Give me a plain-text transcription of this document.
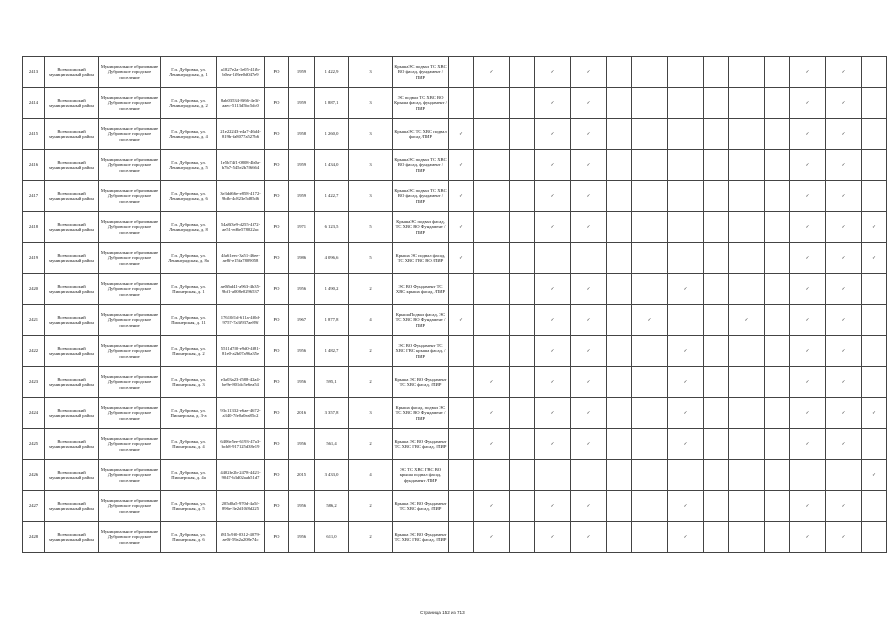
2413	Всеволожский муниципальный район	Муниципальное образование Дубровское городское поселение	Г.п. Дубровка, ул. Ленинградская, д. 1	a1827e2a-1e05-41fb-b0ea-1f8ee0d047e9	РО	1959	1 422,9	3	КрышаЭС подвал ТС ХВС ВО фасад, фундамент /ПИР		✓		✓	✓							✓	✓	
2414	Всеволожский муниципальный район	Муниципальное образование Дубровское городское поселение	Г.п. Дубровка, ул. Ленинградская, д. 2	8ab03534-8f66-4e3f-aaec-5113d5bc5dc0	РО	1959	1 887,1	3	ЭС подвал ТС ХВС ВО Крыша фасад, фундамент /ПИР				✓	✓							✓	✓	
2415	Всеволожский муниципальный район	Муниципальное образование Дубровское городское поселение	Г.п. Дубровка, ул. Ленинградская, д. 4	21e22243-e4a7-46d4-819b-fa8077a527b6	РО	1958	1 260,0	3	КрышаЭС ТС ХВС подвал фасад /ПИР	✓			✓	✓							✓	✓	
2416	Всеволожский муниципальный район	Муниципальное образование Дубровское городское поселение	Г.п. Дубровка, ул. Ленинградская, д. 5	1e5b74f1-0808-4b0a-b7b7-545e2b7f6664	РО	1959	1 434,0	3	КрышаЭС подвал ТС ХВС ВО фасад, фундамент /ПИР	✓			✓	✓							✓	✓	
2417	Всеволожский муниципальный район	Муниципальное образование Дубровское городское поселение	Г.п. Дубровка, ул. Ленинградская, д. 6	3e3dd66e-e858-4172-9bfb-4c823e5d85d6	РО	1959	1 422,7	3	КрышаЭС подвал ТС ХВС ВО фасад, фундамент /ПИР	✓			✓	✓							✓	✓	
2418	Всеволожский муниципальный район	Муниципальное образование Дубровское городское поселение	Г.п. Дубровка, ул. Ленинградская, д. 8	54a8f3e9-d255-4f72-ae51-ed6e578022ac	РО	1971	6 123,5	5	КрышаЭС подвал фасад, ТС ХВС ВО Фундамент /ПИР	✓			✓	✓							✓	✓	✓
2419	Всеволожский муниципальный район	Муниципальное образование Дубровское городское поселение	Г.п. Дубровка, ул. Ленинградская, д. 8а	4fa61eec-3a51-46ee-ae8f-e15fa7809058	РО	1986	4 096,6	5	Крыша ЭС подвал фасад, ТС ХВС ГВС ВО /ПИР	✓											✓	✓	✓
2420	Всеволожский муниципальный район	Муниципальное образование Дубровское городское поселение	Г.п. Дубровка, ул. Пионерская, д. 1	ae0fbd41-a963-4b35-9bf1-a008e0296537	РО	1956	1 490,2	2	ЭС ВО Фундамент ТС ХВС крыша фасад, /ПИР				✓	✓			✓				✓	✓	
2421	Всеволожский муниципальный район	Муниципальное образование Дубровское городское поселение	Г.п. Дубровка, ул. Пионерская, д. 11	17610f1d-611a-4f0d-9757-7a3f937ae89f	РО	1967	1 877,8	4	КрышаПодвал фасад, ЭС ТС ХВС ВО Фундамент /ПИР	✓			✓	✓		✓			✓		✓	✓	
2422	Всеволожский муниципальный район	Муниципальное образование Дубровское городское поселение	Г.п. Дубровка, ул. Пионерская, д. 2	5511d7f0-e9d0-4f81-81e0-a2b07a96a35e	РО	1956	1 482,7	2	ЭС ВО Фундамент ТС ХВС ГВС крыша фасад, /ПИР				✓	✓			✓				✓	✓	
2423	Всеволожский муниципальный район	Муниципальное образование Дубровское городское поселение	Г.п. Дубровка, ул. Пионерская, д. 3	e3a03a23-f588-42a4-be9e-801dc5e6ea54	РО	1956	595,1	2	Крыша ЭС ВО Фундамент ТС ХВС фасад, /ПИР		✓		✓	✓			✓				✓	✓	
2424	Всеволожский муниципальный район	Муниципальное образование Дубровское городское поселение	Г.п. Дубровка, ул. Пионерская, д. 3-а	93c11332-e6ae-4672-a340-7fe0a0ea85c2	РО	2016	3 357,8	3	Крыша фасад, подвал ЭС ТС ХВС ВО Фундамент /ПИР		✓		✓	✓			✓				✓	✓	✓
2425	Всеволожский муниципальный район	Муниципальное образование Дубровское городское поселение	Г.п. Дубровка, ул. Пионерская, д. 4	6406e5ee-6193-47a3-bcb8-917125d38e19	РО	1956	561,4	2	Крыша ЭС ВО Фундамент ТС ХВС ГВС фасад, /ПИР		✓		✓	✓			✓				✓	✓	
2426	Всеволожский муниципальный район	Муниципальное образование Дубровское городское поселение	Г.п. Дубровка, ул. Пионерская, д. 4а	4402fe2b-2478-4421-9047-b3d02aab51d7	РО	2015	3 433,0	4	ЭС ТС ХВС ГВС ВО крыша подвал фасад, фундамент /ПИР														✓
2427	Всеволожский муниципальный район	Муниципальное образование Дубровское городское поселение	Г.п. Дубровка, ул. Пионерская, д. 5	205d0a5-970d-4a5f-896e-3e2d10f8d225	РО	1956	586,2	2	Крыша ЭС ВО Фундамент ТС ХВС фасад, /ПИР		✓		✓	✓			✓				✓	✓	
2428	Всеволожский муниципальный район	Муниципальное образование Дубровское городское поселение	Г.п. Дубровка, ул. Пионерская, д. 6	f815c9f0-0312-4079-ae0f-59a2a208e74c	РО	1956	611,0	2	Крыша ЭС ВО Фундамент ТС ХВС ГВС фасад, /ПИР		✓		✓	✓			✓				✓	✓	
Страница 152 из 713
